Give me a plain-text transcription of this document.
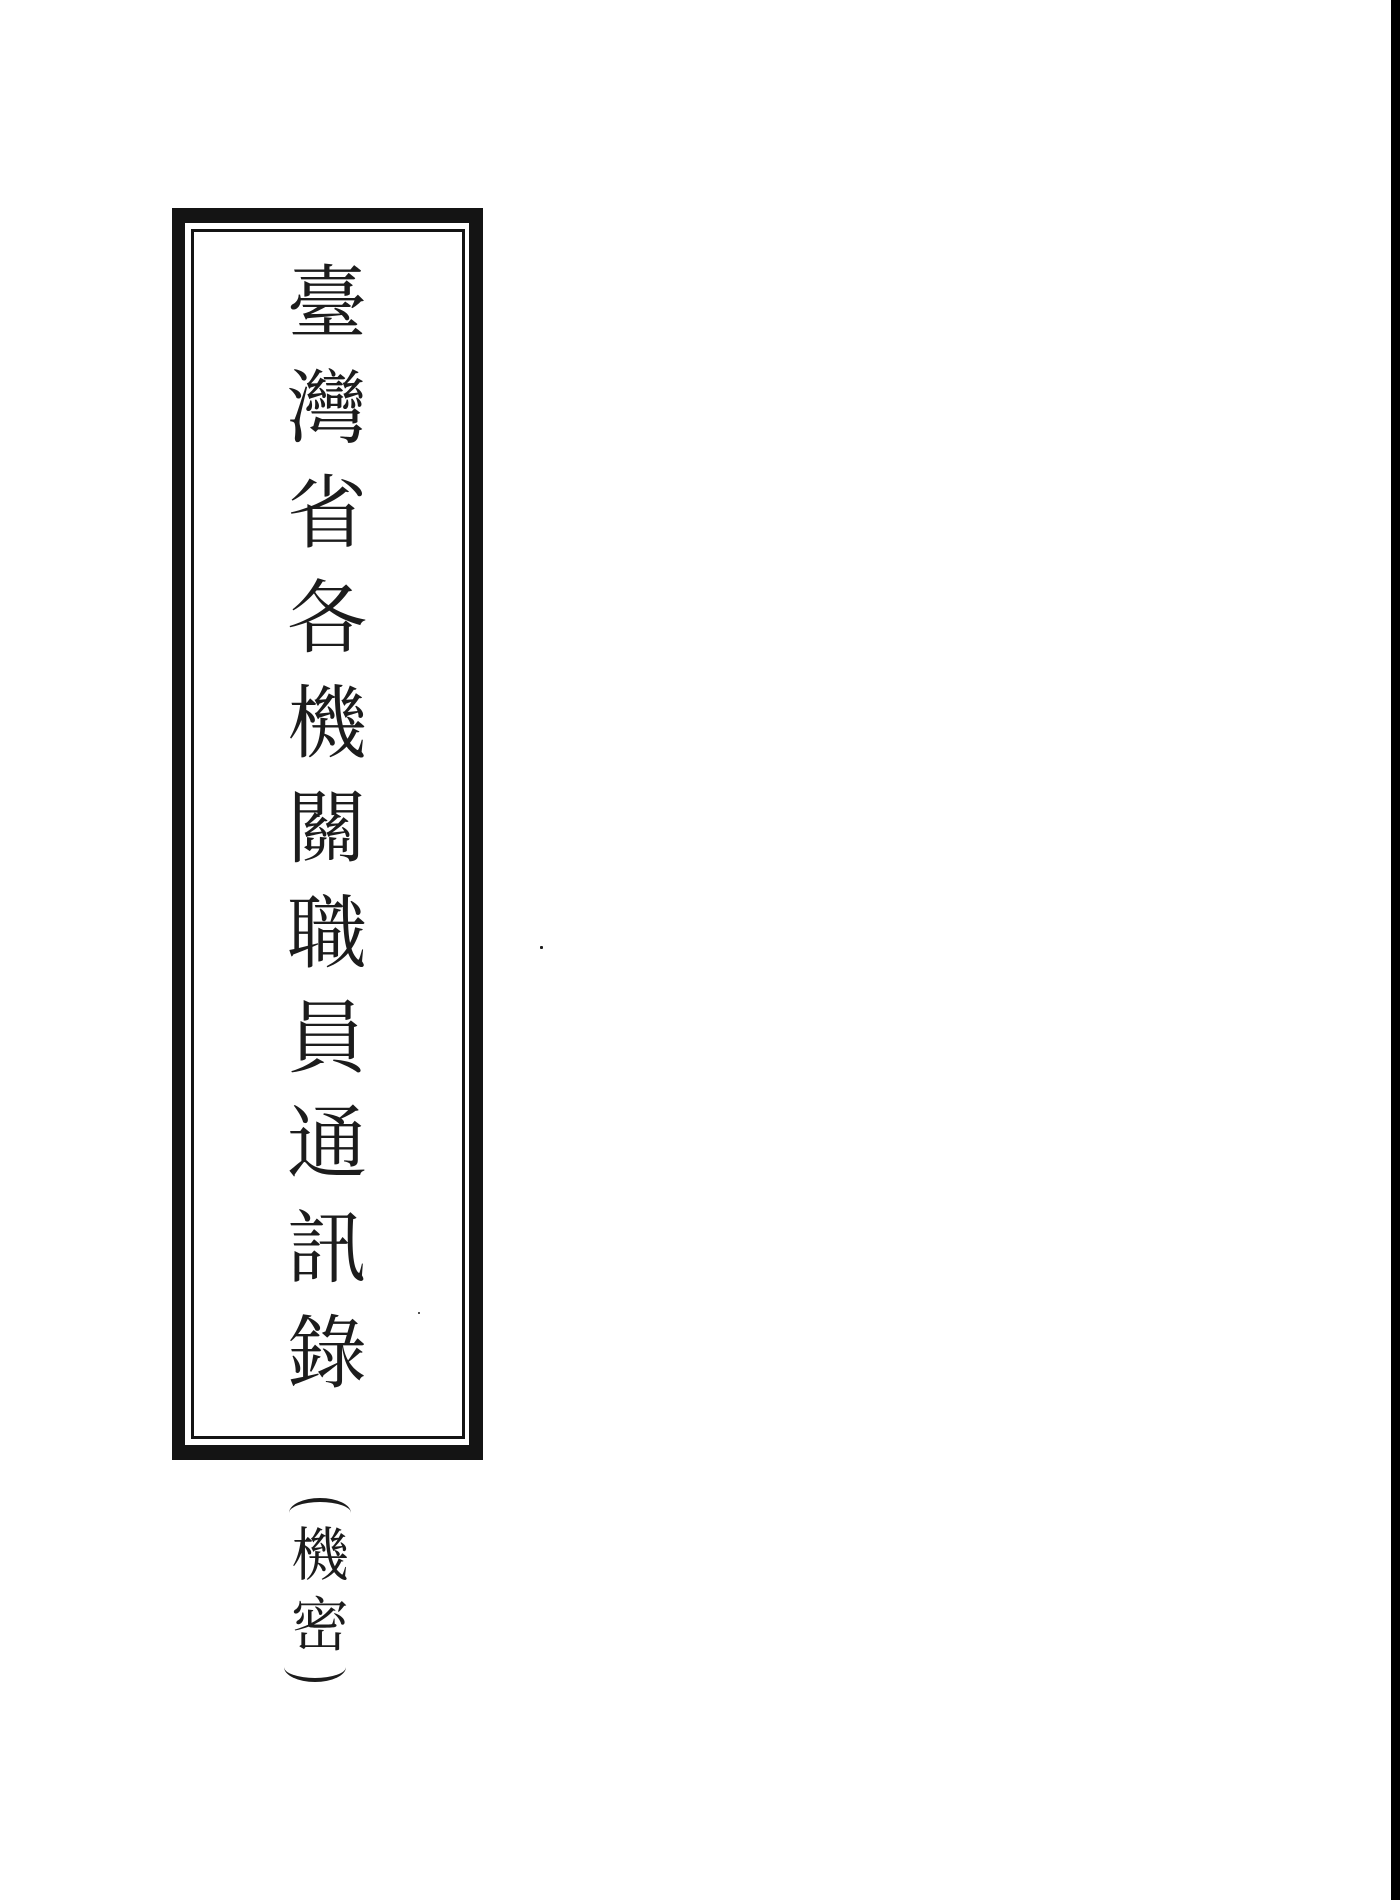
臺
灣
省
各
機
關
職
員
通
訊
錄
機
密
